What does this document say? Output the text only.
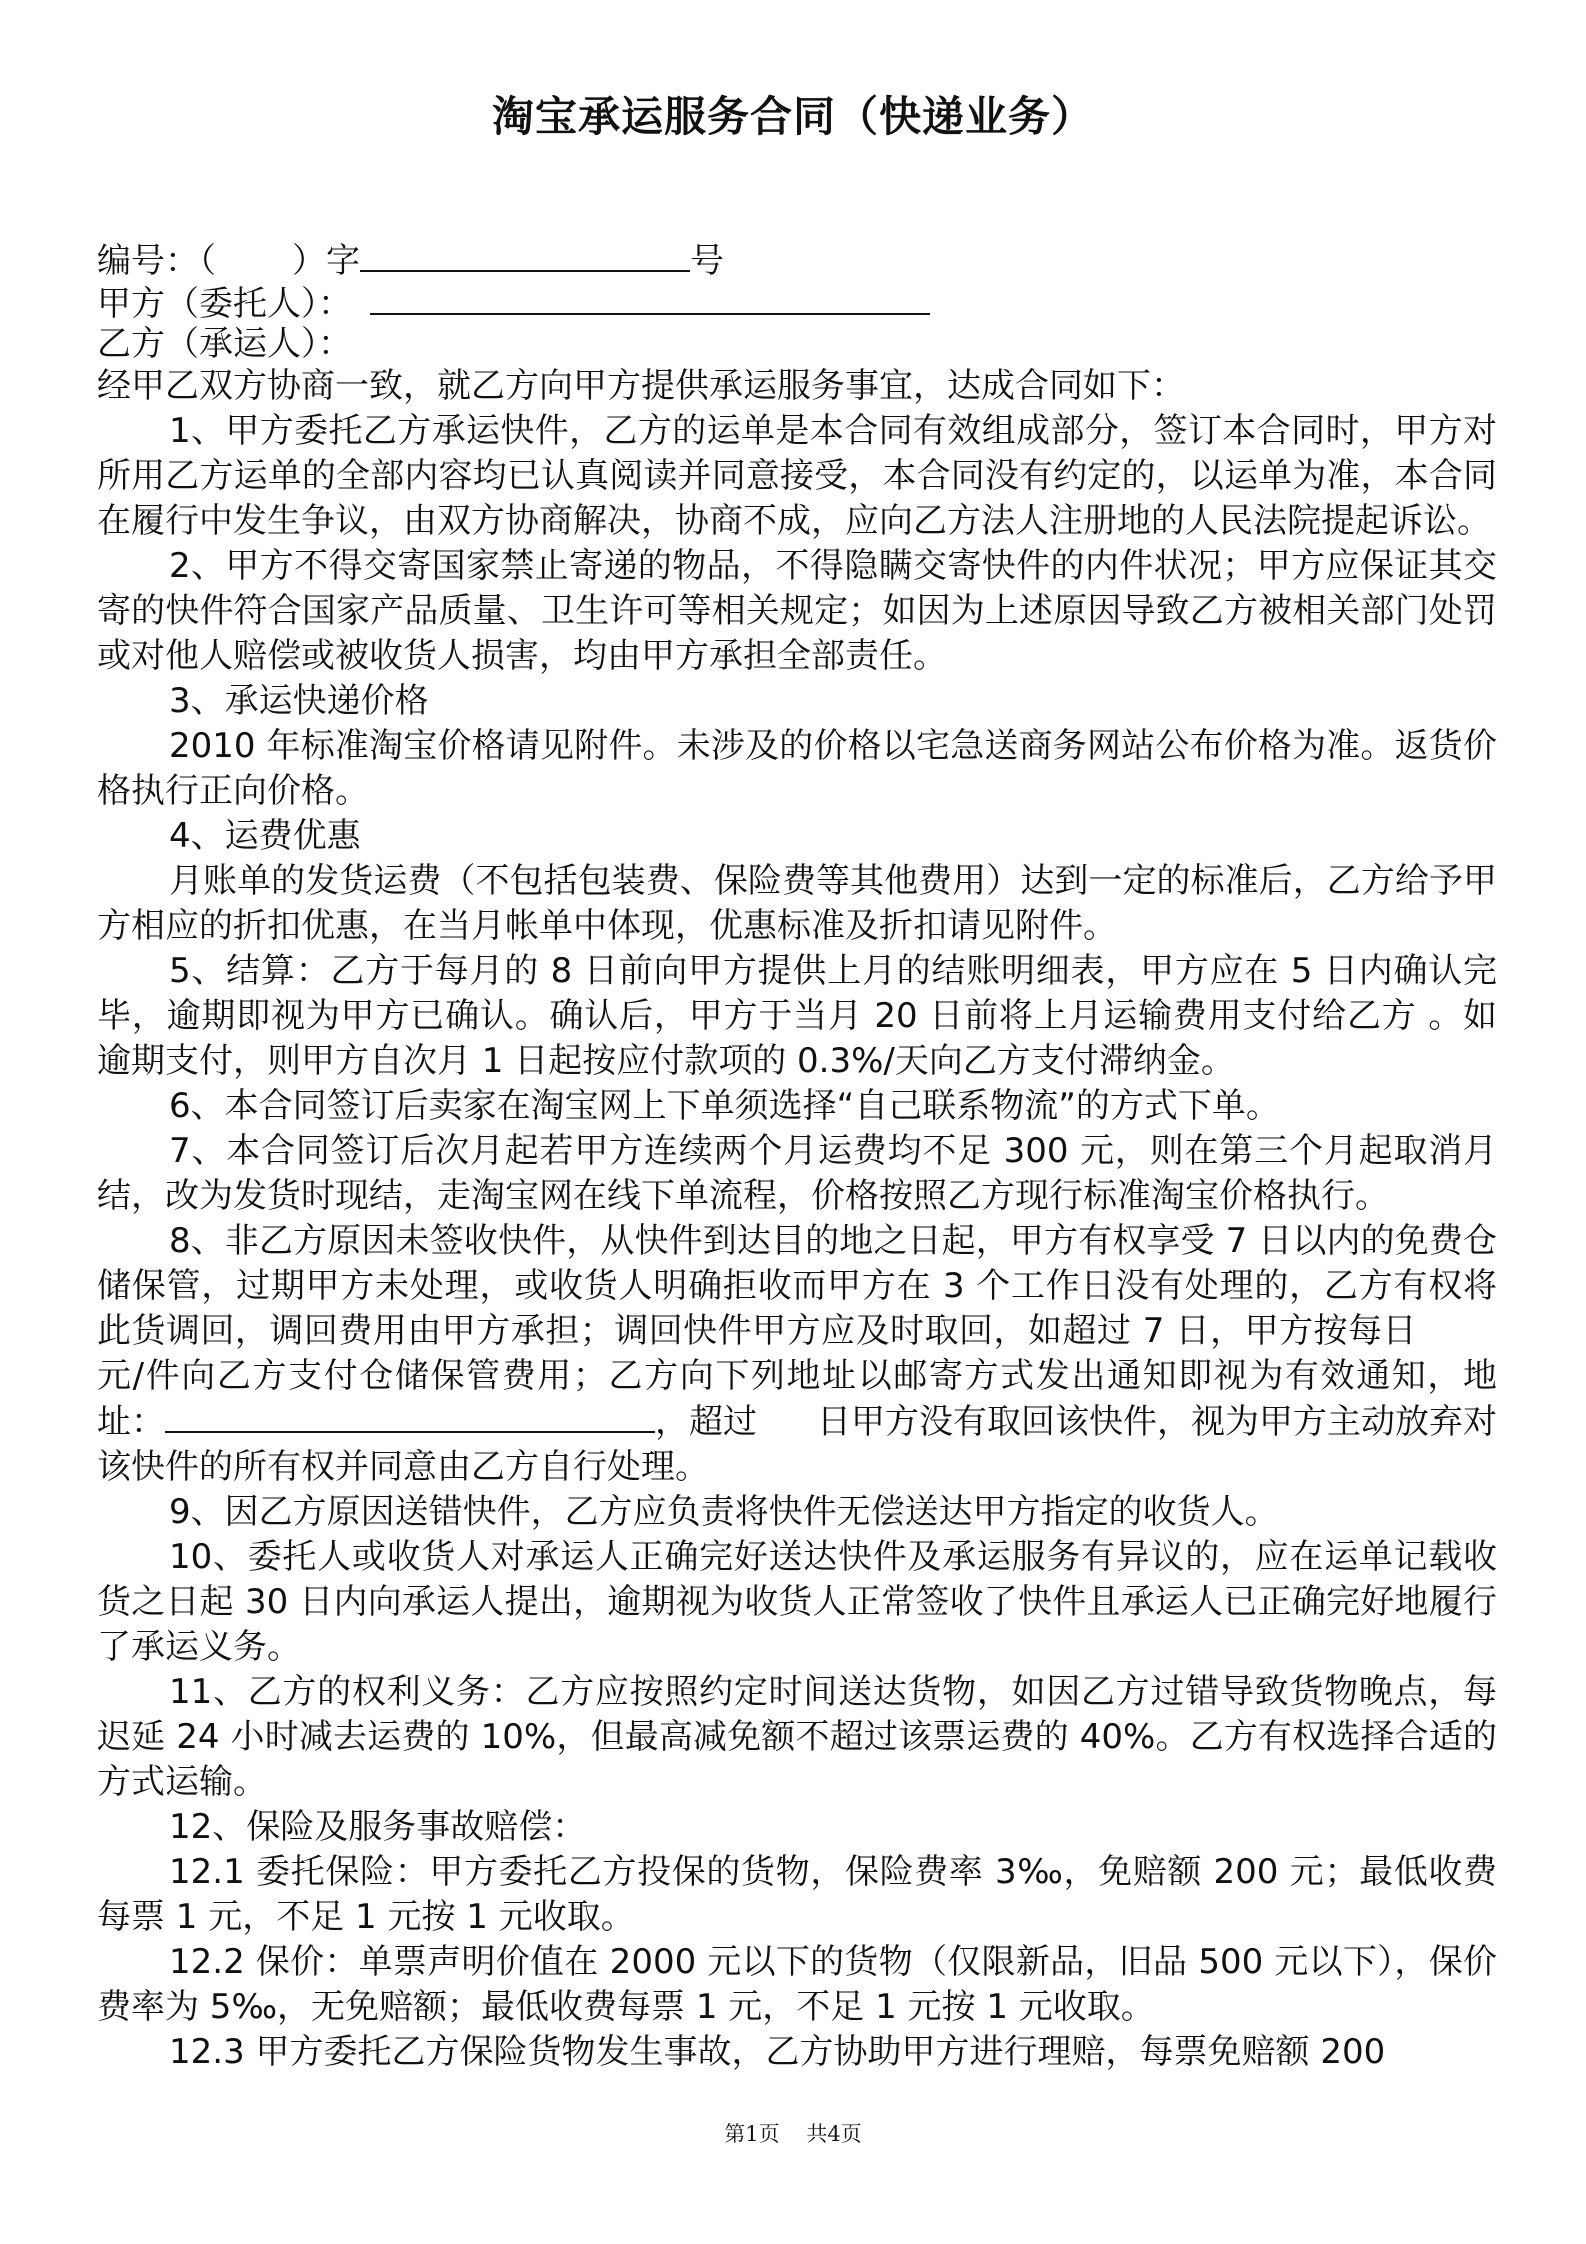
淘宝承运服务合同（快递业务）

编号：（ ）字	号

甲方（委托人）：

乙方（承运人）：

经甲乙双方协商一致，就乙方向甲方提供承运服务事宜，达成合同如下：

1、甲方委托乙方承运快件，乙方的运单是本合同有效组成部分，签订本合同时，甲方对所用乙方运单的全部内容均已认真阅读并同意接受，本合同没有约定的，以运单为准，本合同在履行中发生争议，由双方协商解决，协商不成，应向乙方法人注册地的人民法院提起诉讼。

2、甲方不得交寄国家禁止寄递的物品，不得隐瞒交寄快件的内件状况；甲方应保证其交寄的快件符合国家产品质量、卫生许可等相关规定；如因为上述原因导致乙方被相关部门处罚或对他人赔偿或被收货人损害，均由甲方承担全部责任。

3、承运快递价格

2010 年标准淘宝价格请见附件。未涉及的价格以宅急送商务网站公布价格为准。返货价格执行正向价格。

4、运费优惠

月账单的发货运费（不包括包装费、保险费等其他费用）达到一定的标准后，乙方给予甲方相应的折扣优惠，在当月帐单中体现，优惠标准及折扣请见附件。

5、结算：乙方于每月的 8 日前向甲方提供上月的结账明细表，甲方应在 5 日内确认完毕，逾期即视为甲方已确认。确认后，甲方于当月 20 日前将上月运输费用支付给乙方 。如逾期支付，则甲方自次月 1 日起按应付款项的 0.3%/天向乙方支付滞纳金。

6、本合同签订后卖家在淘宝网上下单须选择“自己联系物流”的方式下单。

7、本合同签订后次月起若甲方连续两个月运费均不足 300 元，则在第三个月起取消月结，改为发货时现结，走淘宝网在线下单流程，价格按照乙方现行标准淘宝价格执行。

8、非乙方原因未签收快件，从快件到达目的地之日起，甲方有权享受 7 日以内的免费仓储保管，过期甲方未处理，或收货人明确拒收而甲方在 3 个工作日没有处理的，乙方有权将此货调回，调回费用由甲方承担；调回快件甲方应及时取回，如超过 7 日，甲方按每日元/件向乙方支付仓储保管费用；乙方向下列地址以邮寄方式发出通知即视为有效通知，地址：	，超过 日甲方没有取回该快件，视为甲方主动放弃对该快件的所有权并同意由乙方自行处理。

9、因乙方原因送错快件，乙方应负责将快件无偿送达甲方指定的收货人。

10、委托人或收货人对承运人正确完好送达快件及承运服务有异议的，应在运单记载收货之日起 30 日内向承运人提出，逾期视为收货人正常签收了快件且承运人已正确完好地履行了承运义务。

11、乙方的权利义务：乙方应按照约定时间送达货物，如因乙方过错导致货物晚点，每迟延 24 小时减去运费的 10%，但最高减免额不超过该票运费的 40%。乙方有权选择合适的方式运输。

12、保险及服务事故赔偿：

12.1 委托保险：甲方委托乙方投保的货物，保险费率 3‰，免赔额 200 元；最低收费每票 1 元，不足 1 元按 1 元收取。

12.2 保价：单票声明价值在 2000 元以下的货物（仅限新品，旧品 500 元以下），保价费率为 5‰，无免赔额；最低收费每票 1 元，不足 1 元按 1 元收取。

12.3 甲方委托乙方保险货物发生事故，乙方协助甲方进行理赔，每票免赔额 200

第1页 共4页
